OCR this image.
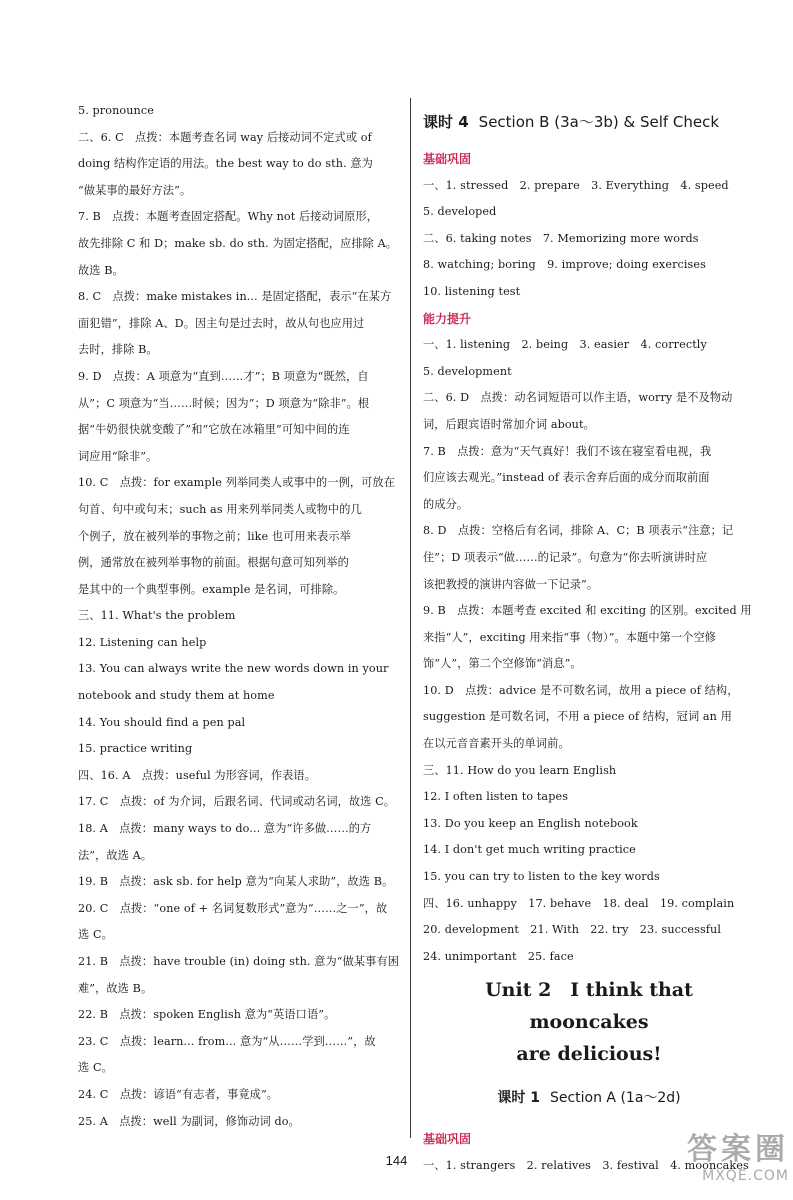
5. pronounce
二、6. C　点拨：本题考查名词 way 后接动词不定式或 of
doing 结构作定语的用法。the best way to do sth. 意为
“做某事的最好方法”。
7. B　点拨：本题考查固定搭配。Why not 后接动词原形，
故先排除 C 和 D；make sb. do sth. 为固定搭配，应排除 A。
故选 B。
8. C　点拨：make mistakes in... 是固定搭配，表示“在某方
面犯错”，排除 A、D。因主句是过去时，故从句也应用过
去时，排除 B。
9. D　点拨：A 项意为“直到……才”；B 项意为“既然，自
从”；C 项意为“当……时候；因为”；D 项意为“除非”。根
据“牛奶很快就变酸了”和“它放在冰箱里”可知中间的连
词应用“除非”。
10. C　点拨：for example 列举同类人或事中的一例，可放在
句首、句中或句末；such as 用来列举同类人或物中的几
个例子，放在被列举的事物之前；like 也可用来表示举
例，通常放在被列举事物的前面。根据句意可知列举的
是其中的一个典型事例。example 是名词，可排除。
三、11. What's the problem
12. Listening can help
13. You can always write the new words down in your
notebook and study them at home
14. You should find a pen pal
15. practice writing
四、16. A　点拨：useful 为形容词，作表语。
17. C　点拨：of 为介词，后跟名词、代词或动名词，故选 C。
18. A　点拨：many ways to do... 意为“许多做……的方
法”，故选 A。
19. B　点拨：ask sb. for help 意为“向某人求助”，故选 B。
20. C　点拨：“one of + 名词复数形式”意为“……之一”，故
选 C。
21. B　点拨：have trouble (in) doing sth. 意为“做某事有困
难”，故选 B。
22. B　点拨：spoken English 意为“英语口语”。
23. C　点拨：learn... from... 意为“从……学到……”，故
选 C。
24. C　点拨：谚语“有志者，事竟成”。
25. A　点拨：well 为副词，修饰动词 do。
课时 4 Section B (3a～3b) & Self Check
基础巩固
一、1. stressed　2. prepare　3. Everything　4. speed
5. developed
二、6. taking notes　7. Memorizing more words
8. watching; boring　9. improve; doing exercises
10. listening test
能力提升
一、1. listening　2. being　3. easier　4. correctly
5. development
二、6. D　点拨：动名词短语可以作主语，worry 是不及物动
词，后跟宾语时常加介词 about。
7. B　点拨：意为“天气真好！我们不该在寝室看电视，我
们应该去观光。”instead of 表示舍弃后面的成分而取前面
的成分。
8. D　点拨：空格后有名词，排除 A、C；B 项表示“注意；记
住”；D 项表示“做……的记录”。句意为“你去听演讲时应
该把教授的演讲内容做一下记录”。
9. B　点拨：本题考查 excited 和 exciting 的区别。excited 用
来指“人”，exciting 用来指“事（物）”。本题中第一个空修
饰“人”，第二个空修饰“消息”。
10. D　点拨：advice 是不可数名词，故用 a piece of 结构，
suggestion 是可数名词，不用 a piece of 结构，冠词 an 用
在以元音音素开头的单词前。
三、11. How do you learn English
12. I often listen to tapes
13. Do you keep an English notebook
14. I don't get much writing practice
15. you can try to listen to the key words
四、16. unhappy　17. behave　18. deal　19. complain
20. development　21. With　22. try　23. successful
24. unimportant　25. face
Unit 2　I think that mooncakes
are delicious!
课时 1 Section A (1a～2d)
基础巩固
一、1. strangers　2. relatives　3. festival　4. mooncakes
144	答案圈
MXQE.COM
